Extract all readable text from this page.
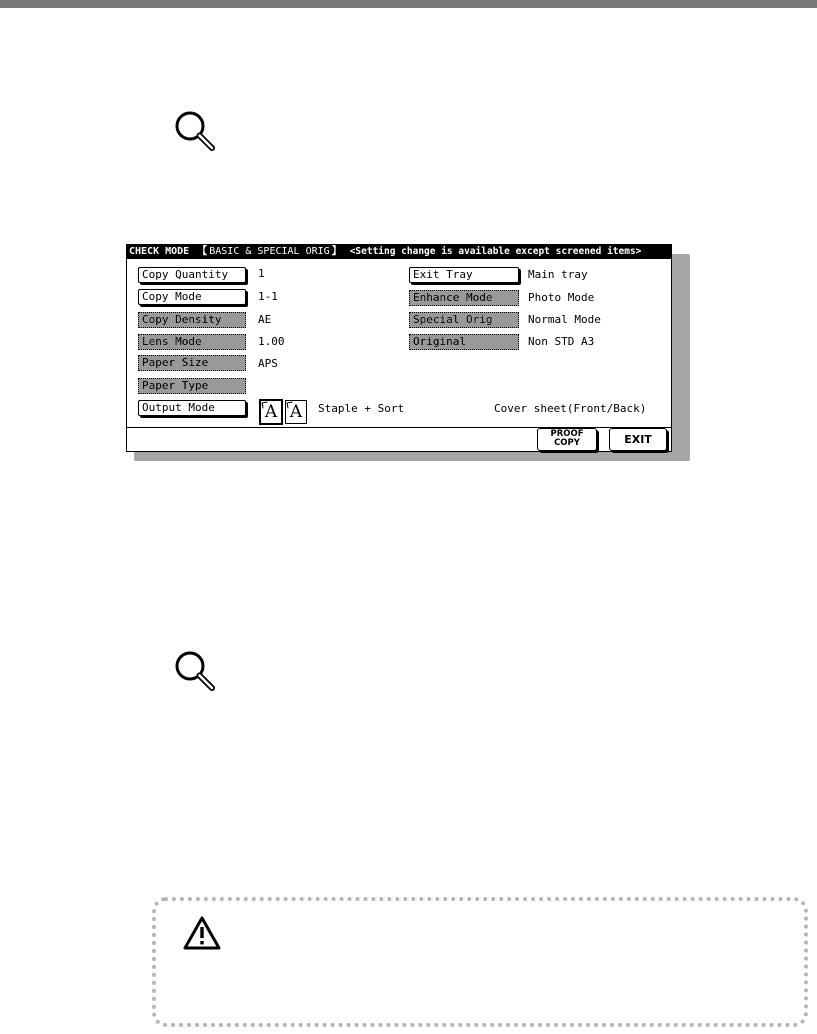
CHECK MODE 【 BASIC & SPECIAL ORIG 】 <Setting change is available except screened items>
Copy Quantity	1
Copy Mode	1-1
Copy Density	AE
Lens Mode	1.00
Paper Size	APS
Paper Type
Output Mode	A A	Staple + Sort	Cover sheet(Front/Back)
Exit Tray	Main tray
Enhance Mode	Photo Mode
Special Orig	Normal Mode
Original	Non STD A3
PROOF
COPY	EXIT
